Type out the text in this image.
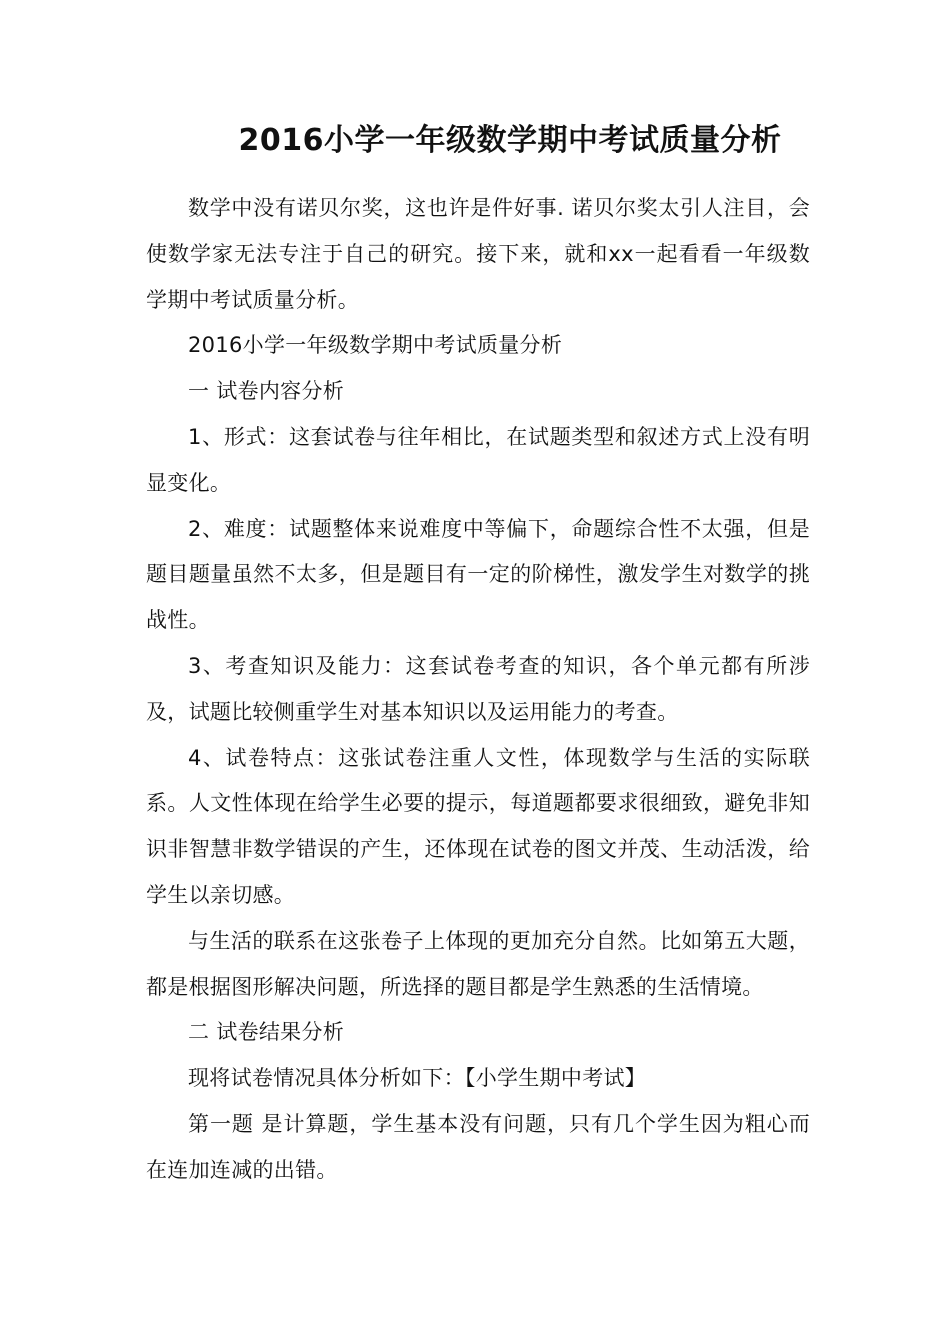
2016小学一年级数学期中考试质量分析

数学中没有诺贝尔奖，这也许是件好事. 诺贝尔奖太引人注目，会使数学家无法专注于自己的研究。接下来，就和xx一起看看一年级数学期中考试质量分析。

2016小学一年级数学期中考试质量分析

一 试卷内容分析

1、形式：这套试卷与往年相比，在试题类型和叙述方式上没有明显变化。

2、难度：试题整体来说难度中等偏下，命题综合性不太强，但是题目题量虽然不太多，但是题目有一定的阶梯性，激发学生对数学的挑战性。

3、考查知识及能力：这套试卷考查的知识，各个单元都有所涉及，试题比较侧重学生对基本知识以及运用能力的考查。

4、试卷特点：这张试卷注重人文性，体现数学与生活的实际联系。人文性体现在给学生必要的提示，每道题都要求很细致，避免非知识非智慧非数学错误的产生，还体现在试卷的图文并茂、生动活泼，给学生以亲切感。

与生活的联系在这张卷子上体现的更加充分自然。比如第五大题，都是根据图形解决问题，所选择的题目都是学生熟悉的生活情境。

二 试卷结果分析

现将试卷情况具体分析如下：【小学生期中考试】

第一题 是计算题，学生基本没有问题，只有几个学生因为粗心而在连加连减的出错。
